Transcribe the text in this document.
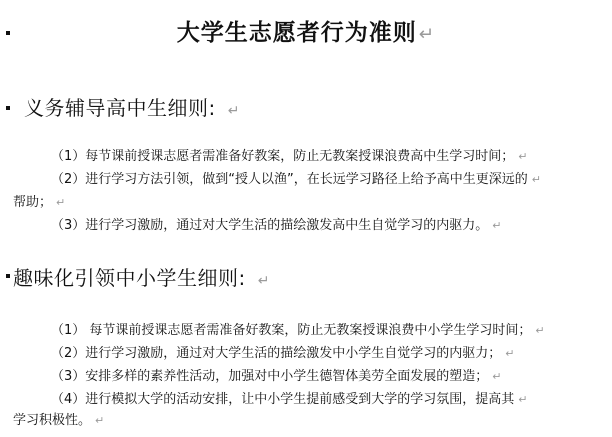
大学生志愿者行为准则 ↵
义务辅导高中生细则: ↵
（1）每节课前授课志愿者需准备好教案，防止无教案授课浪费高中生学习时间； ↵
（2）进行学习方法引领，做到“授人以渔”，在长远学习路径上给予高中生更深远的 ↵
帮助； ↵
（3）进行学习激励，通过对大学生活的描绘激发高中生自觉学习的内驱力。 ↵
趣味化引领中小学生细则: ↵
（1） 每节课前授课志愿者需准备好教案，防止无教案授课浪费中小学生学习时间； ↵
（2）进行学习激励，通过对大学生活的描绘激发中小学生自觉学习的内驱力； ↵
（3）安排多样的素养性活动，加强对中小学生德智体美劳全面发展的塑造； ↵
（4）进行模拟大学的活动安排，让中小学生提前感受到大学的学习氛围，提高其 ↵
学习积极性。 ↵
